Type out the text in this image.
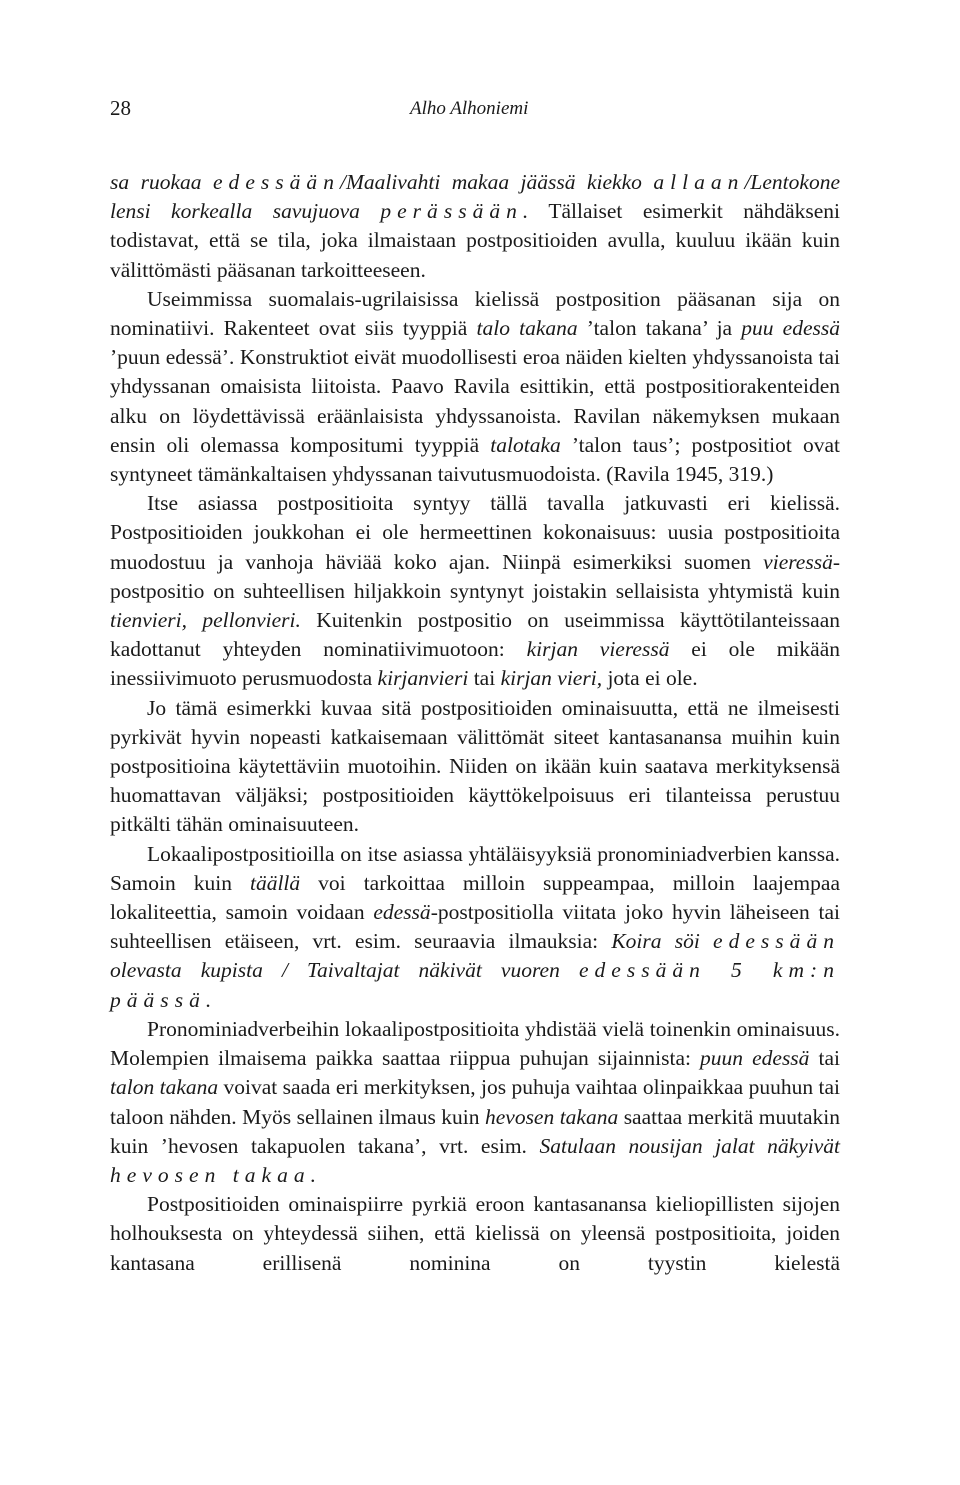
28	Alho Alhoniemi

sa ruokaa edessään/Maalivahti makaa jäässä kiekko allaan/Lentokone lensi korkealla savujuova perässään. Tällaiset esimerkit nähdäkseni todistavat, että se tila, joka ilmaistaan postpositioiden avulla, kuuluu ikään kuin välittömästi pääsanan tarkoitteeseen.

Useimmissa suomalais-ugrilaisissa kielissä postposition pääsanan sija on nominatiivi. Rakenteet ovat siis tyyppiä talo takana ’talon takana’ ja puu edessä ’puun edessä’. Konstruktiot eivät muodollisesti eroa näiden kielten yhdyssanoista tai yhdyssanan omaisista liitoista. Paavo Ravila esittikin, että postpositiorakenteiden alku on löydettävissä eräänlaisista yhdyssanoista. Ravilan näkemyksen mukaan ensin oli olemassa kompositumi tyyppiä talotaka ’talon taus’; postpositiot ovat syntyneet tämänkaltaisen yhdyssanan taivutusmuodoista. (Ravila 1945, 319.)

Itse asiassa postpositioita syntyy tällä tavalla jatkuvasti eri kielissä. Postpositioiden joukkohan ei ole hermeettinen kokonaisuus: uusia postpositioita muodostuu ja vanhoja häviää koko ajan. Niinpä esimerkiksi suomen vieressä-postpositio on suhteellisen hiljakkoin syntynyt joistakin sellaisista yhtymistä kuin tienvieri, pellonvieri. Kuitenkin postpositio on useimmissa käyttötilanteissaan kadottanut yhteyden nominatiivimuotoon: kirjan vieressä ei ole mikään inessiivimuoto perusmuodosta kirjanvieri tai kirjan vieri, jota ei ole.

Jo tämä esimerkki kuvaa sitä postpositioiden ominaisuutta, että ne ilmeisesti pyrkivät hyvin nopeasti katkaisemaan välittömät siteet kantasanansa muihin kuin postpositioina käytettäviin muotoihin. Niiden on ikään kuin saatava merkityksensä huomattavan väljäksi; postpositioiden käyttökelpoisuus eri tilanteissa perustuu pitkälti tähän ominaisuuteen.

Lokaalipostpositioilla on itse asiassa yhtäläisyyksiä pronominiadverbien kanssa. Samoin kuin täällä voi tarkoittaa milloin suppeampaa, milloin laajempaa lokaliteettia, samoin voidaan edessä-postpositiolla viitata joko hyvin läheiseen tai suhteellisen etäiseen, vrt. esim. seuraavia ilmauksia: Koira söi edessään olevasta kupista / Taivaltajat näkivät vuoren edessään 5 km:n päässä.

Pronominiadverbeihin lokaalipostpositioita yhdistää vielä toinenkin ominaisuus. Molempien ilmaisema paikka saattaa riippua puhujan sijainnista: puun edessä tai talon takana voivat saada eri merkityksen, jos puhuja vaihtaa olinpaikkaa puuhun tai taloon nähden. Myös sellainen ilmaus kuin hevosen takana saattaa merkitä muutakin kuin ’hevosen takapuolen takana’, vrt. esim. Satulaan nousijan jalat näkyivät hevosen takaa.

Postpositioiden ominaispiirre pyrkiä eroon kantasanansa kieliopillisten sijojen holhouksesta on yhteydessä siihen, että kielissä on yleensä postpositioita, joiden kantasana erillisenä nominina on tyystin kielestä
